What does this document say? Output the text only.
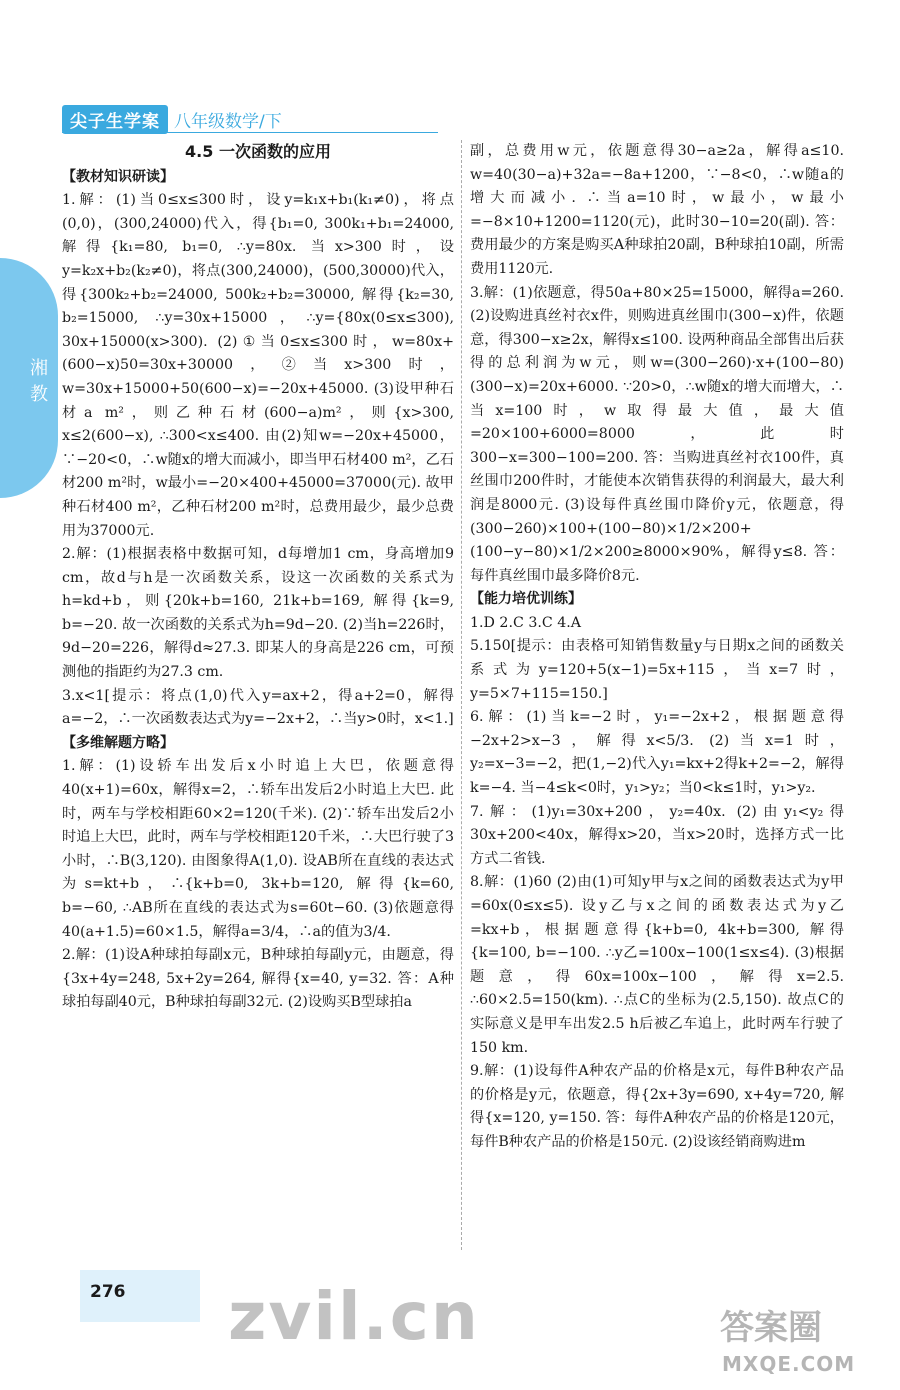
尖子生学案 八年级数学/下
湘教
4.5 一次函数的应用
【教材知识研读】

1.解：(1)当0≤x≤300时，设y=k₁x+b₁(k₁≠0)，将点(0,0)，(300,24000)代入，得{b₁=0, 300k₁+b₁=24000, 解得{k₁=80, b₁=0, ∴y=80x. 当x>300时，设y=k₂x+b₂(k₂≠0)，将点(300,24000)，(500,30000)代入，得{300k₂+b₂=24000, 500k₂+b₂=30000, 解得{k₂=30, b₂=15000, ∴y=30x+15000，∴y={80x(0≤x≤300), 30x+15000(x>300). (2)①当0≤x≤300时，w=80x+(600−x)50=30x+30000，②当x>300时，w=30x+15000+50(600−x)=−20x+45000. (3)设甲种石材a m²，则乙种石材(600−a)m²，则{x>300, x≤2(600−x), ∴300<x≤400. 由(2)知w=−20x+45000，∵−20<0，∴w随x的增大而减小，即当甲石材400 m²，乙石材200 m²时，w最小=−20×400+45000=37000(元). 故甲种石材400 m²，乙种石材200 m²时，总费用最少，最少总费用为37000元.

2.解：(1)根据表格中数据可知，d每增加1 cm，身高增加9 cm，故d与h是一次函数关系，设这一次函数的关系式为h=kd+b，则{20k+b=160, 21k+b=169, 解得{k=9, b=−20. 故一次函数的关系式为h=9d−20. (2)当h=226时，9d−20=226，解得d≈27.3. 即某人的身高是226 cm，可预测他的指距约为27.3 cm.

3.x<1[提示：将点(1,0)代入y=ax+2，得a+2=0，解得a=−2，∴一次函数表达式为y=−2x+2，∴当y>0时，x<1.]

【多维解题方略】

1.解：(1)设轿车出发后x小时追上大巴，依题意得40(x+1)=60x，解得x=2，∴轿车出发后2小时追上大巴. 此时，两车与学校相距60×2=120(千米). (2)∵轿车出发后2小时追上大巴，此时，两车与学校相距120千米，∴大巴行驶了3小时，∴B(3,120). 由图象得A(1,0). 设AB所在直线的表达式为s=kt+b，∴{k+b=0, 3k+b=120, 解得{k=60, b=−60, ∴AB所在直线的表达式为s=60t−60. (3)依题意得40(a+1.5)=60×1.5，解得a=3/4，∴a的值为3/4.

2.解：(1)设A种球拍每副x元，B种球拍每副y元，由题意，得{3x+4y=248, 5x+2y=264, 解得{x=40, y=32. 答：A种球拍每副40元，B种球拍每副32元. (2)设购买B型球拍a

副，总费用w元，依题意得30−a≥2a，解得a≤10. w=40(30−a)+32a=−8a+1200，∵−8<0，∴w随a的增大而减小. ∴当a=10时，w最小，w最小=−8×10+1200=1120(元)，此时30−10=20(副). 答：费用最少的方案是购买A种球拍20副，B种球拍10副，所需费用1120元.

3.解：(1)依题意，得50a+80×25=15000，解得a=260. (2)设购进真丝衬衣x件，则购进真丝围巾(300−x)件，依题意，得300−x≥2x，解得x≤100. 设两种商品全部售出后获得的总利润为w元，则w=(300−260)·x+(100−80)(300−x)=20x+6000. ∵20>0，∴w随x的增大而增大，∴当x=100时，w取得最大值，最大值=20×100+6000=8000，此时300−x=300−100=200. 答：当购进真丝衬衣100件，真丝围巾200件时，才能使本次销售获得的利润最大，最大利润是8000元. (3)设每件真丝围巾降价y元，依题意，得(300−260)×100+(100−80)×1/2×200+(100−y−80)×1/2×200≥8000×90%，解得y≤8. 答：每件真丝围巾最多降价8元.

【能力培优训练】

1.D 2.C 3.C 4.A

5.150[提示：由表格可知销售数量y与日期x之间的函数关系式为y=120+5(x−1)=5x+115，当x=7时，y=5×7+115=150.]

6.解：(1)当k=−2时，y₁=−2x+2，根据题意得−2x+2>x−3，解得x<5/3. (2)当x=1时，y₂=x−3=−2，把(1,−2)代入y₁=kx+2得k+2=−2，解得k=−4. 当−4≤k<0时，y₁>y₂；当0<k≤1时，y₁>y₂.

7.解：(1)y₁=30x+200，y₂=40x. (2)由y₁<y₂得30x+200<40x，解得x>20，当x>20时，选择方式一比方式二省钱.

8.解：(1)60 (2)由(1)可知y甲与x之间的函数表达式为y甲=60x(0≤x≤5). 设y乙与x之间的函数表达式为y乙=kx+b，根据题意得{k+b=0, 4k+b=300, 解得{k=100, b=−100. ∴y乙=100x−100(1≤x≤4). (3)根据题意，得60x=100x−100，解得x=2.5. ∴60×2.5=150(km). ∴点C的坐标为(2.5,150). 故点C的实际意义是甲车出发2.5 h后被乙车追上，此时两车行驶了150 km.

9.解：(1)设每件A种农产品的价格是x元，每件B种农产品的价格是y元，依题意，得{2x+3y=690, x+4y=720, 解得{x=120, y=150. 答：每件A种农产品的价格是120元，每件B种农产品的价格是150元. (2)设该经销商购进m

276 zvil.cn	答案圈
MXQE.COM
